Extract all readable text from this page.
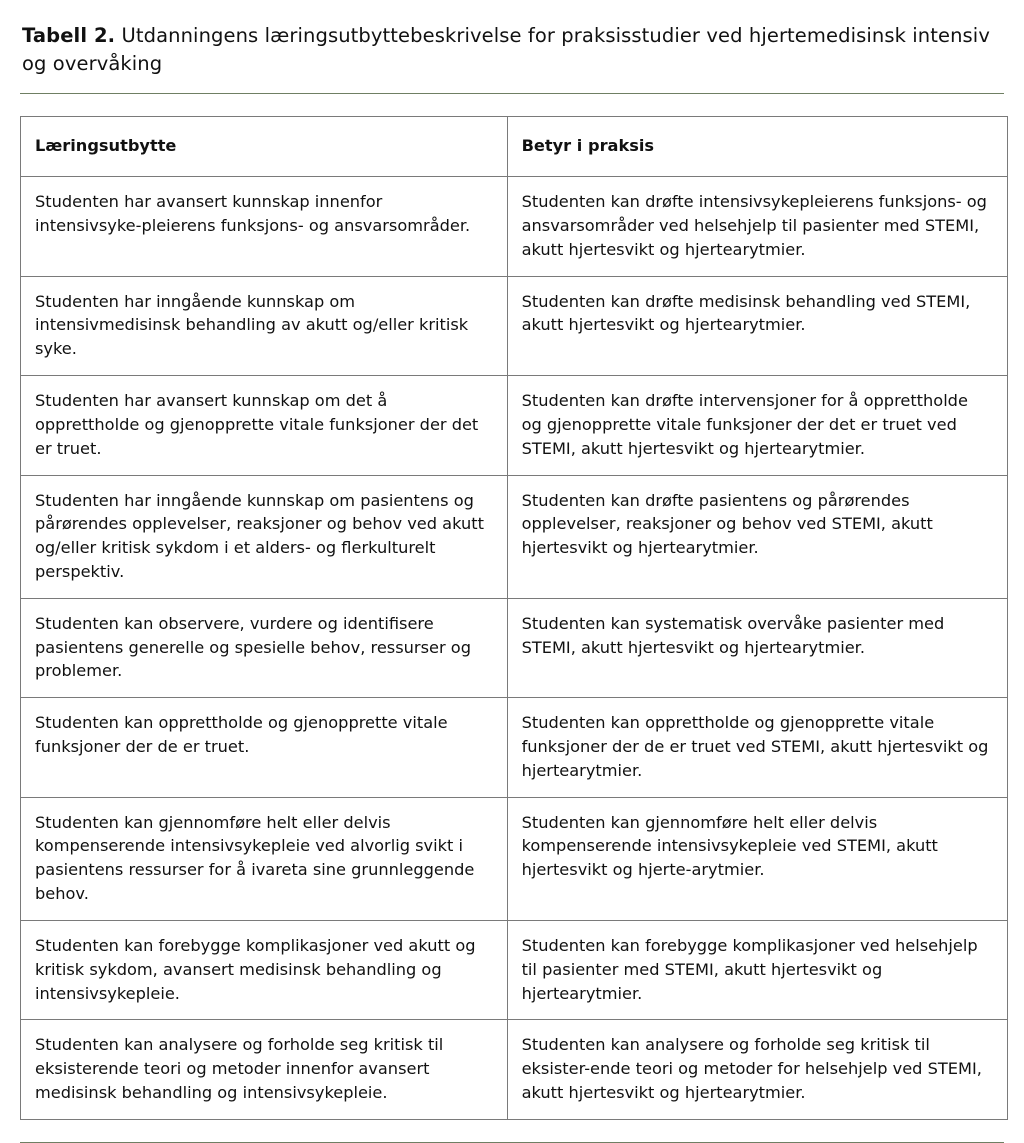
Tabell 2. Utdanningens læringsutbyttebeskrivelse for praksisstudier ved hjertemedisinsk intensiv og overvåking

Læringsutbytte	Betyr i praksis
Studenten har avansert kunnskap innenfor intensivsyke-pleierens funksjons- og ansvarsområder.	Studenten kan drøfte intensivsykepleierens funksjons- og ansvarsområder ved helsehjelp til pasienter med STEMI, akutt hjertesvikt og hjertearytmier.
Studenten har inngående kunnskap om intensivmedisinsk behandling av akutt og/eller kritisk syke.	Studenten kan drøfte medisinsk behandling ved STEMI, akutt hjertesvikt og hjertearytmier.
Studenten har avansert kunnskap om det å opprettholde og gjenopprette vitale funksjoner der det er truet.	Studenten kan drøfte intervensjoner for å opprettholde og gjenopprette vitale funksjoner der det er truet ved STEMI, akutt hjertesvikt og hjertearytmier.
Studenten har inngående kunnskap om pasientens og pårørendes opplevelser, reaksjoner og behov ved akutt og/eller kritisk sykdom i et alders- og flerkulturelt perspektiv.	Studenten kan drøfte pasientens og pårørendes opplevelser, reaksjoner og behov ved STEMI, akutt hjertesvikt og hjertearytmier.
Studenten kan observere, vurdere og identifisere pasientens generelle og spesielle behov, ressurser og problemer.	Studenten kan systematisk overvåke pasienter med STEMI, akutt hjertesvikt og hjertearytmier.
Studenten kan opprettholde og gjenopprette vitale funksjoner der de er truet.	Studenten kan opprettholde og gjenopprette vitale funksjoner der de er truet ved STEMI, akutt hjertesvikt og hjertearytmier.
Studenten kan gjennomføre helt eller delvis kompenserende intensivsykepleie ved alvorlig svikt i pasientens ressurser for å ivareta sine grunnleggende behov.	Studenten kan gjennomføre helt eller delvis kompenserende intensivsykepleie ved STEMI, akutt hjertesvikt og hjerte-arytmier.
Studenten kan forebygge komplikasjoner ved akutt og kritisk sykdom, avansert medisinsk behandling og intensivsykepleie.	Studenten kan forebygge komplikasjoner ved helsehjelp til pasienter med STEMI, akutt hjertesvikt og hjertearytmier.
Studenten kan analysere og forholde seg kritisk til eksisterende teori og metoder innenfor avansert medisinsk behandling og intensivsykepleie.	Studenten kan analysere og forholde seg kritisk til eksister-ende teori og metoder for helsehjelp ved STEMI, akutt hjertesvikt og hjertearytmier.
